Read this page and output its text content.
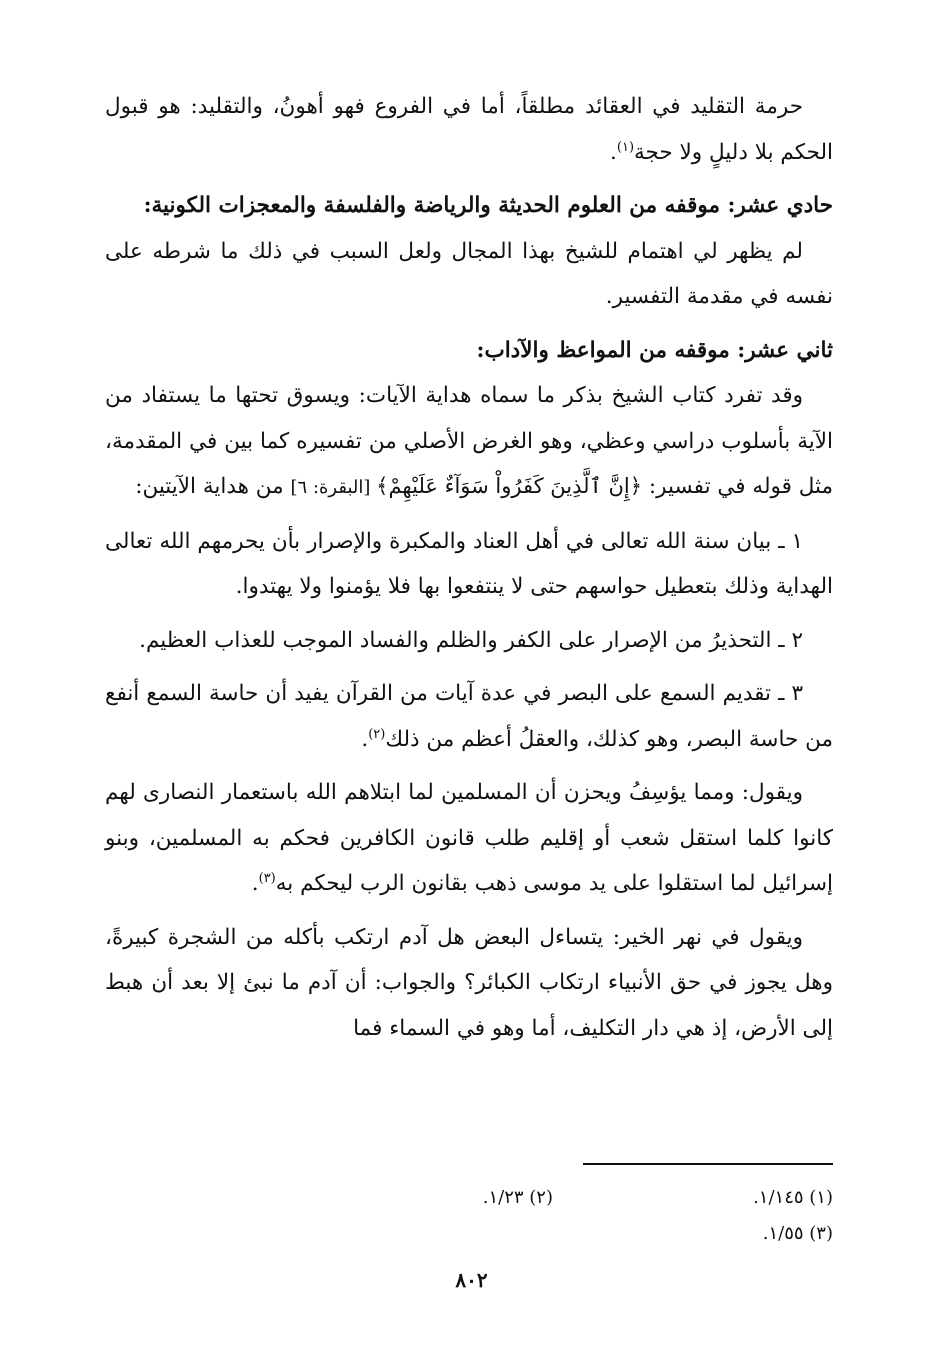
حرمة التقليد في العقائد مطلقاً، أما في الفروع فهو أهونُ، والتقليد: هو قبول الحكم بلا دليلٍ ولا حجة$^{(١)}$.

حادي عشر: موقفه من العلوم الحديثة والرياضة والفلسفة والمعجزات الكونية:

لم يظهر لي اهتمام للشيخ بهذا المجال ولعل السبب في ذلك ما شرطه على نفسه في مقدمة التفسير.

ثاني عشر: موقفه من المواعظ والآداب:

وقد تفرد كتاب الشيخ بذكر ما سماه هداية الآيات: ويسوق تحتها ما يستفاد من الآية بأسلوب دراسي وعظي، وهو الغرض الأصلي من تفسيره كما بين في المقدمة، مثل قوله في تفسير: ﴿إِنَّ ٱلَّذِينَ كَفَرُواْ سَوَآءٌ عَلَيْهِمْ﴾ [البقرة: ٦] من هداية الآيتين:

١ ـ بيان سنة الله تعالى في أهل العناد والمكبرة والإصرار بأن يحرمهم الله تعالى الهداية وذلك بتعطيل حواسهم حتى لا ينتفعوا بها فلا يؤمنوا ولا يهتدوا.

٢ ـ التحذيرُ من الإصرار على الكفر والظلم والفساد الموجب للعذاب العظيم.

٣ ـ تقديم السمع على البصر في عدة آيات من القرآن يفيد أن حاسة السمع أنفع من حاسة البصر، وهو كذلك، والعقلُ أعظم من ذلك$^{(٢)}$.

ويقول: ومما يؤسِفُ ويحزن أن المسلمين لما ابتلاهم الله باستعمار النصارى لهم كانوا كلما استقل شعب أو إقليم طلب قانون الكافرين فحكم به المسلمين، وبنو إسرائيل لما استقلوا على يد موسى ذهب بقانون الرب ليحكم به$^{(٣)}$.

ويقول في نهر الخير: يتساءل البعض هل آدم ارتكب بأكله من الشجرة كبيرةً، وهل يجوز في حق الأنبياء ارتكاب الكبائر؟ والجواب: أن آدم ما نبئ إلا بعد أن هبط إلى الأرض، إذ هي دار التكليف، أما وهو في السماء فما

(١) ١/١٤٥.
(٢) ١/٢٣.
(٣) ١/٥٥.
٨٠٢
